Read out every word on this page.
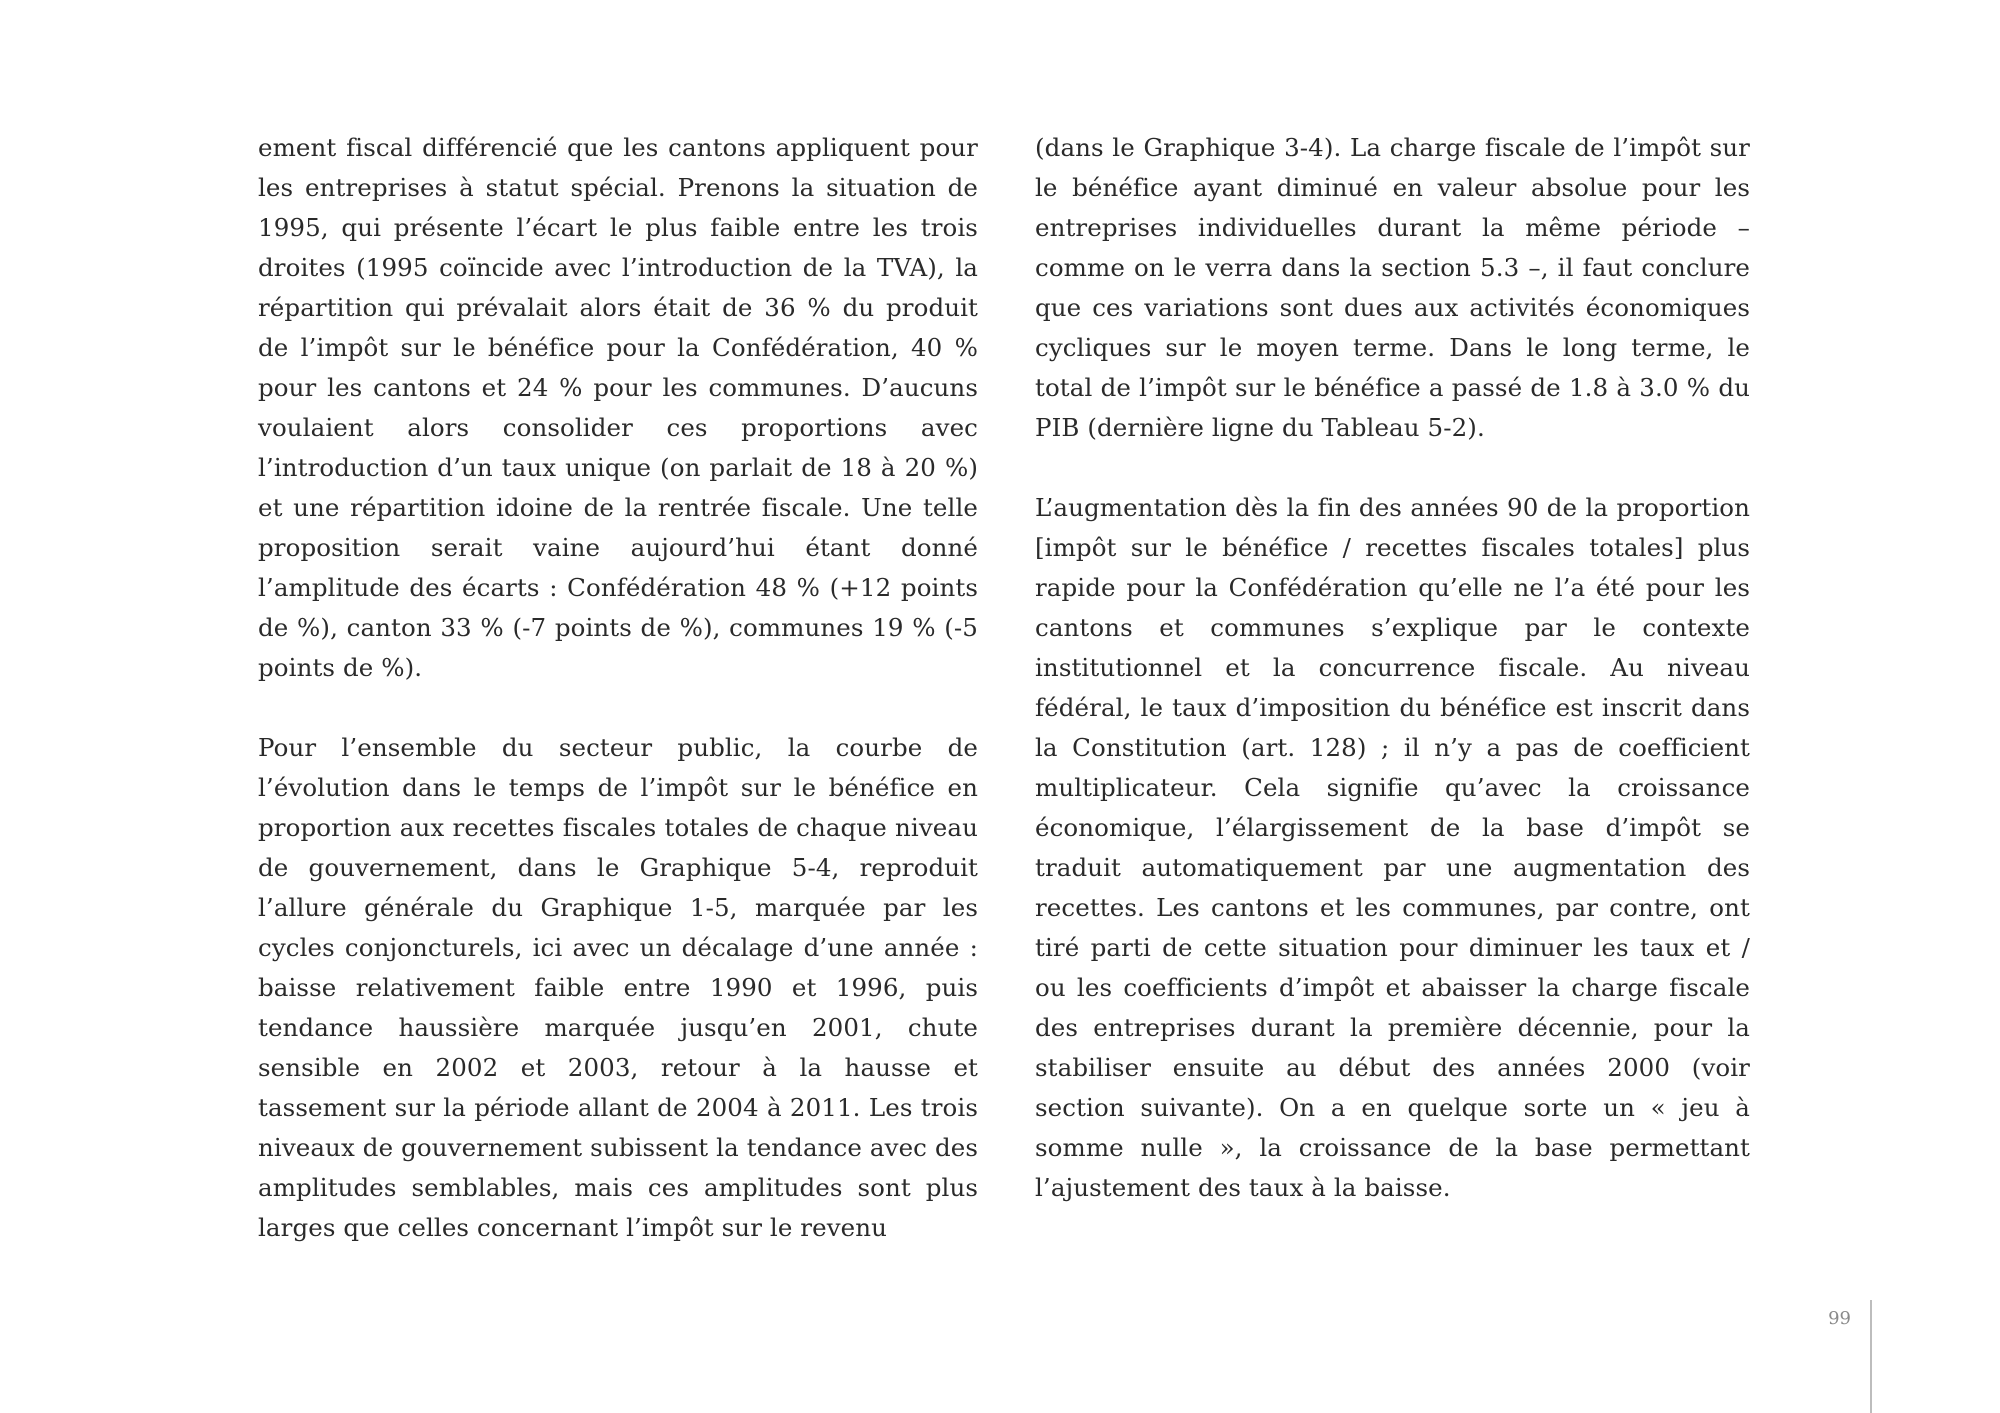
ement fiscal différencié que les cantons appliquent pour les entreprises à statut spécial. Prenons la situation de 1995, qui présente l’écart le plus faible entre les trois droites (1995 coïncide avec l’introduction de la TVA), la répartition qui prévalait alors était de 36 % du produit de l’impôt sur le bénéfice pour la Confédération, 40 % pour les cantons et 24 % pour les communes. D’aucuns voulaient alors consolider ces proportions avec l’introduction d’un taux unique (on parlait de 18 à 20 %) et une répartition idoine de la rentrée fiscale. Une telle proposition serait vaine aujourd’hui étant donné l’amplitude des écarts : Confédération 48 % (+12 points de %), canton 33 % (-7 points de %), communes 19 % (-5 points de %).

Pour l’ensemble du secteur public, la courbe de l’évolution dans le temps de l’impôt sur le bénéfice en proportion aux recettes fiscales totales de chaque niveau de gouvernement, dans le Graphique 5-4, reproduit l’allure générale du Graphique 1-5, marquée par les cycles conjoncturels, ici avec un décalage d’une année : baisse relativement faible entre 1990 et 1996, puis tendance haussière marquée jusqu’en 2001, chute sensible en 2002 et 2003, retour à la hausse et tassement sur la période allant de 2004 à 2011. Les trois niveaux de gouvernement subissent la tendance avec des amplitudes semblables, mais ces amplitudes sont plus larges que celles concernant l’impôt sur le revenu

(dans le Graphique 3-4). La charge fiscale de l’impôt sur le bénéfice ayant diminué en valeur absolue pour les entreprises individuelles durant la même période – comme on le verra dans la section 5.3 –, il faut conclure que ces variations sont dues aux activités économiques cycliques sur le moyen terme. Dans le long terme, le total de l’impôt sur le bénéfice a passé de 1.8 à 3.0 % du PIB (dernière ligne du Tableau 5-2).

L’augmentation dès la fin des années 90 de la proportion [impôt sur le bénéfice / recettes fiscales totales] plus rapide pour la Confédération qu’elle ne l’a été pour les cantons et communes s’explique par le contexte institutionnel et la concurrence fiscale. Au niveau fédéral, le taux d’imposition du bénéfice est inscrit dans la Constitution (art. 128) ; il n’y a pas de coefficient multiplicateur. Cela signifie qu’avec la croissance économique, l’élargissement de la base d’impôt se traduit automatiquement par une augmentation des recettes. Les cantons et les communes, par contre, ont tiré parti de cette situation pour diminuer les taux et / ou les coefficients d’impôt et abaisser la charge fiscale des entreprises durant la première décennie, pour la stabiliser ensuite au début des années 2000 (voir section suivante). On a en quelque sorte un « jeu à somme nulle », la croissance de la base permettant l’ajustement des taux à la baisse.

99
